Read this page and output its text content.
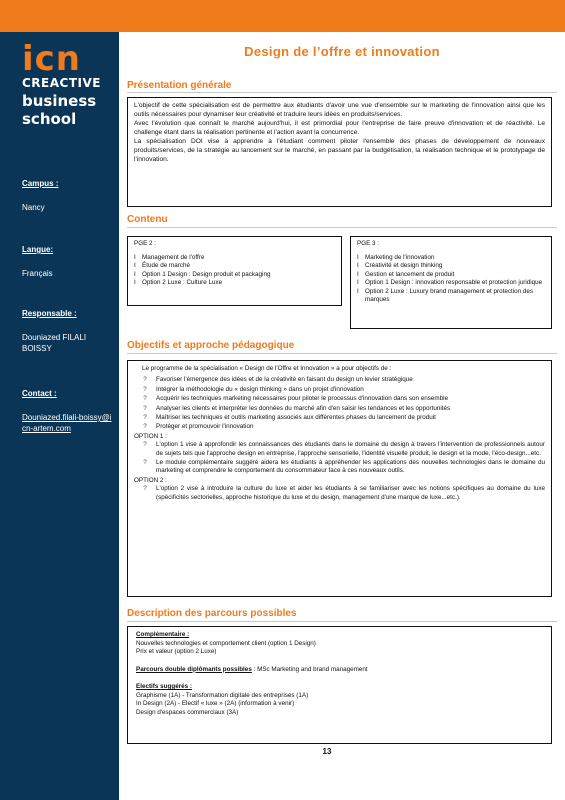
icn
CREACTIVE
business
school
Campus :
Nancy
Langue:
Français
Responsable :
Douniazed FILALI BOISSY
Contact :
Douniazed.filali-boissy@icn-artem.com
Design de l’offre et innovation
Présentation générale

L'objectif de cette spécialisation est de permettre aux étudiants d'avoir une vue d'ensemble sur le marketing de l'innovation ainsi que les outils nécessaires pour dynamiser leur créativité et traduire leurs idées en produits/services.

Avec l'évolution que connaît le marché aujourd'hui, il est primordial pour l'entreprise de faire preuve d'innovation et de réactivité. Le challenge étant dans la réalisation pertinente et l'action avant la concurrence.

La spécialisation DOI vise à apprendre à l'étudiant comment piloter l'ensemble des phases de développement de nouveaux produits/services, de la stratégie au lancement sur le marché, en passant par la budgétisation, la réalisation technique et le prototypage de l'innovation.

Contenu
PGE 2 :
I Management de l'offre
I Étude de marché
I Option 1 Design : Design produit et packaging
I Option 2 Luxe : Culture Luxe
PGE 3 :
I Marketing de l'innovation
I Créativité et design thinking
I Gestion et lancement de produit
I Option 1 Design : innovation responsable et protection juridique
I Option 2 Luxe : Luxury brand management et protection des marques
Objectifs et approche pédagogique
Le programme de la spécialisation « Design de l'Offre et Innovation » a pour objectifs de :
?	Favoriser l'émergence des idées et de la créativité en faisant du design un levier stratégique
?	Intégrer la méthodologie du « design thinking » dans un projet d'innovation
?	Acquérir les techniques marketing nécessaires pour piloter le processus d'innovation dans son ensemble
?	Analyser les clients et interpréter les données du marché afin d'en saisir les tendances et les opportunités
?	Maîtriser les techniques et outils marketing associés aux différentes phases du lancement de produit
?	Protéger et promouvoir l'innovation
OPTION 1 :
?	L'option 1 vise à approfondir les connaissances des étudiants dans le domaine du design à travers l'intervention de professionnels autour de sujets tels que l'approche design en entreprise, l'approche sensorielle, l'identité visuelle produit, le design et la mode, l'éco-design...etc.
?	Le module complémentaire suggéré aidera les étudiants à appréhender les applications des nouvelles technologies dans le domaine du marketing et comprendre le comportement du consommateur face à ces nouveaux outils.
OPTION 2 :
?	L'option 2 vise à introduire la culture du luxe et aider les étudiants à se familiariser avec les notions spécifiques au domaine du luxe (spécificités sectorielles, approche historique du luxe et du design, management d'une marque de luxe...etc.).
Description des parcours possibles
Complémentaire :
Nouvelles technologies et comportement client (option 1 Design)
Prix et valeur (option 2 Luxe)
Parcours double diplômants possibles : MSc Marketing and brand management
Electifs suggérés :
Graphisme (1A) - Transformation digitale des entreprises (1A)
In Design (2A) - Electif « luxe » (2A) (information à venir)
Design d'espaces commerciaux (3A)
13
